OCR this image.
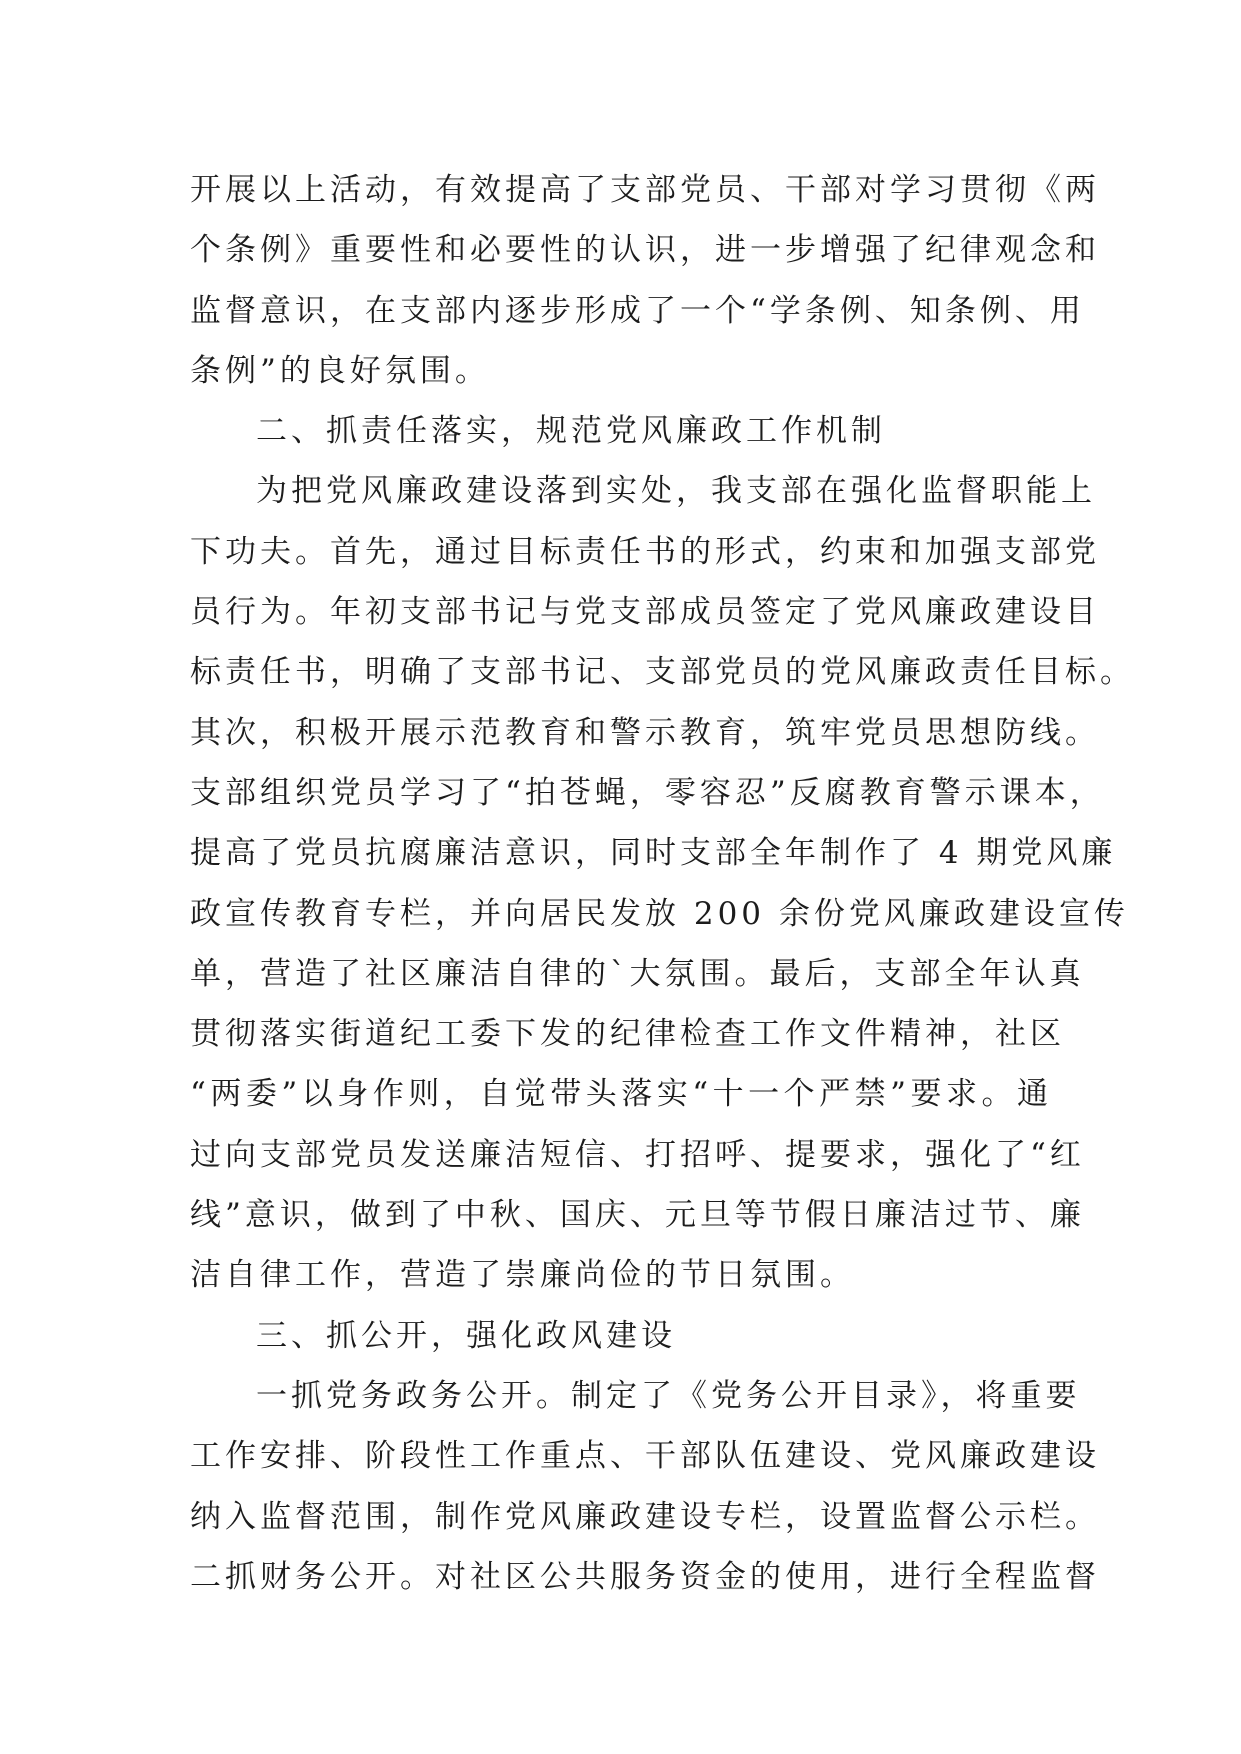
开展以上活动，有效提高了支部党员、干部对学习贯彻《两
个条例》重要性和必要性的认识，进一步增强了纪律观念和
监督意识，在支部内逐步形成了一个“学条例、知条例、用
条例”的良好氛围。
二、抓责任落实，规范党风廉政工作机制
为把党风廉政建设落到实处，我支部在强化监督职能上
下功夫。首先，通过目标责任书的形式，约束和加强支部党
员行为。年初支部书记与党支部成员签定了党风廉政建设目
标责任书，明确了支部书记、支部党员的党风廉政责任目标。
其次，积极开展示范教育和警示教育，筑牢党员思想防线。
支部组织党员学习了“拍苍蝇，零容忍”反腐教育警示课本，
提高了党员抗腐廉洁意识，同时支部全年制作了 4 期党风廉
政宣传教育专栏，并向居民发放 200 余份党风廉政建设宣传
单，营造了社区廉洁自律的`大氛围。最后，支部全年认真
贯彻落实街道纪工委下发的纪律检查工作文件精神，社区
“两委”以身作则，自觉带头落实“十一个严禁”要求。通
过向支部党员发送廉洁短信、打招呼、提要求，强化了“红
线”意识，做到了中秋、国庆、元旦等节假日廉洁过节、廉
洁自律工作，营造了崇廉尚俭的节日氛围。
三、抓公开，强化政风建设
一抓党务政务公开。制定了《党务公开目录》，将重要
工作安排、阶段性工作重点、干部队伍建设、党风廉政建设
纳入监督范围，制作党风廉政建设专栏，设置监督公示栏。
二抓财务公开。对社区公共服务资金的使用，进行全程监督
